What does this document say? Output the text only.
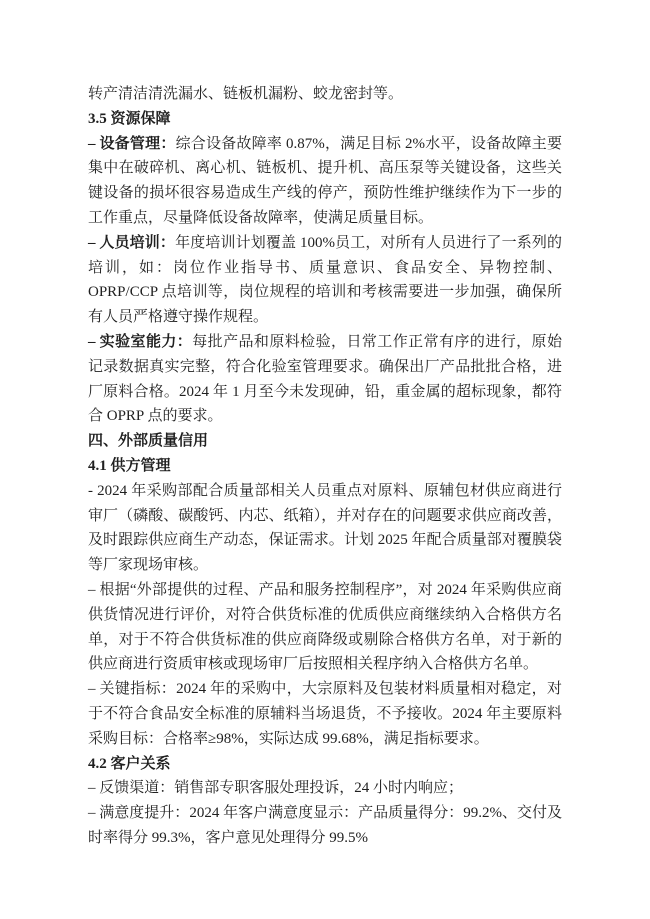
转产清洁清洗漏水、链板机漏粉、蛟龙密封等。

3.5 资源保障

– 设备管理：综合设备故障率 0.87%，满足目标 2%水平，设备故障主要集中在破碎机、离心机、链板机、提升机、高压泵等关键设备，这些关键设备的损坏很容易造成生产线的停产，预防性维护继续作为下一步的工作重点，尽量降低设备故障率，使满足质量目标。

– 人员培训：年度培训计划覆盖 100%员工，对所有人员进行了一系列的培训，如：岗位作业指导书、质量意识、食品安全、异物控制、OPRP/CCP 点培训等，岗位规程的培训和考核需要进一步加强，确保所有人员严格遵守操作规程。

– 实验室能力：每批产品和原料检验，日常工作正常有序的进行，原始记录数据真实完整，符合化验室管理要求。确保出厂产品批批合格，进厂原料合格。2024 年 1 月至今未发现砷，铅，重金属的超标现象，都符合 OPRP 点的要求。

四、外部质量信用
4.1 供方管理

- 2024 年采购部配合质量部相关人员重点对原料、原辅包材供应商进行审厂（磷酸、碳酸钙、内芯、纸箱），并对存在的问题要求供应商改善，及时跟踪供应商生产动态，保证需求。计划 2025 年配合质量部对覆膜袋等厂家现场审核。

– 根据“外部提供的过程、产品和服务控制程序”，对 2024 年采购供应商供货情况进行评价，对符合供货标准的优质供应商继续纳入合格供方名单，对于不符合供货标准的供应商降级或剔除合格供方名单，对于新的供应商进行资质审核或现场审厂后按照相关程序纳入合格供方名单。

– 关键指标：2024 年的采购中，大宗原料及包装材料质量相对稳定，对于不符合食品安全标准的原辅料当场退货，不予接收。2024 年主要原料采购目标：合格率≥98%，实际达成 99.68%，满足指标要求。

4.2 客户关系

– 反馈渠道：销售部专职客服处理投诉，24 小时内响应；

– 满意度提升：2024 年客户满意度显示：产品质量得分：99.2%、交付及时率得分 99.3%，客户意见处理得分 99.5%
